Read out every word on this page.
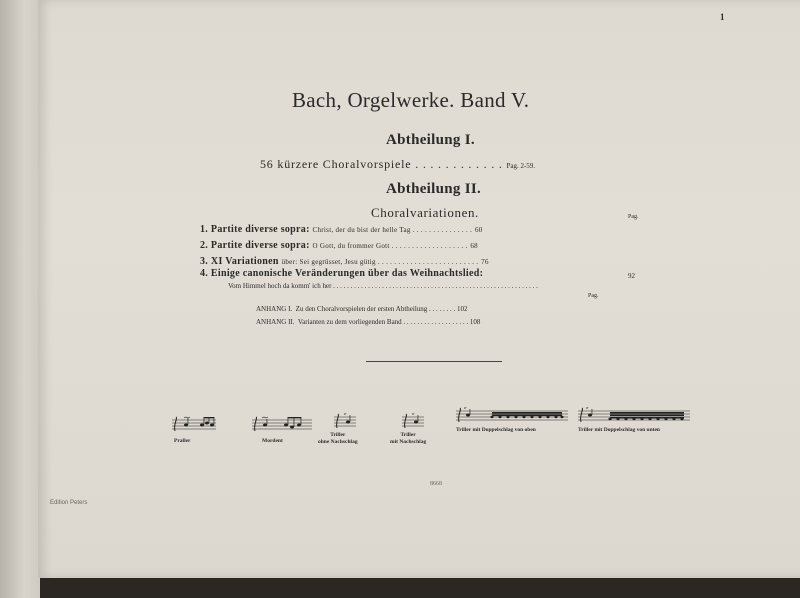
1
Bach, Orgelwerke. Band V.
Abtheilung I.
56 kürzere Choralvorspiele . . . . . . . . . . . . Pag. 2-59.
Abtheilung II.
Choralvariationen.	Pag.
1. Partite diverse sopra: Christ, der du bist der helle Tag . . . . . . . . . . . . . . . 60
2. Partite diverse sopra: O Gott, du frommer Gott . . . . . . . . . . . . . . . . . . . 68
3. XI Variationen über: Sei gegrüsset, Jesu gütig . . . . . . . . . . . . . . . . . . . . . . . . . 76
4. Einige canonische Veränderungen über das Weihnachtslied:
Vom Himmel hoch da komm' ich her . . . . . . . . . . . . . . . . . . . . . . . . . . . . . . . . . . . . . . . . . . . . . . . . . . . . . . . . . . .
92
Pag.
ANHANG I. Zu den Choralvorspielen der ersten Abtheilung . . . . . . . . 102
ANHANG II. Varianten zu dem vorliegenden Band . . . . . . . . . . . . . . . . . . . 108
Praller	Mordent
tr
Triller
ohne Nachschlag
tr
Triller
mit Nachschlag
tr
Triller mit Doppelschlag von oben
tr
Triller mit Doppelschlag von unten
8668
Edition Peters
